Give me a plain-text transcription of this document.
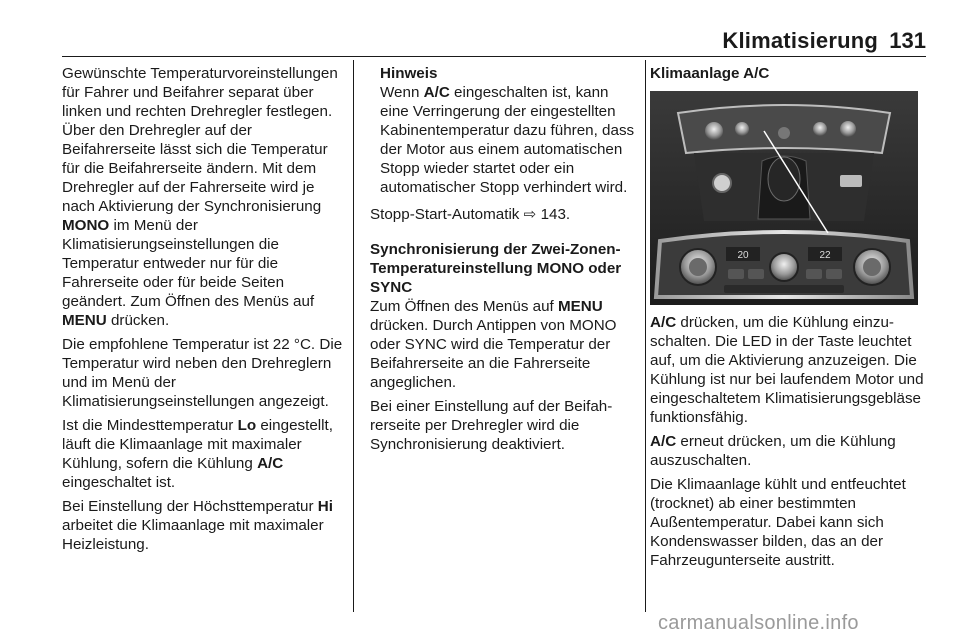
Klimatisierung 131

Gewünschte Temperaturvoreinstellungen für Fahrer und Beifahrer separat über linken und rechten Drehregler festlegen. Über den Drehregler auf der Beifahrerseite lässt sich die Temperatur für die Beifahrerseite ändern. Mit dem Drehregler auf der Fahrerseite wird je nach Aktivierung der Synchronisierung MONO im Menü der Klimatisierungseinstellungen die Temperatur entweder nur für die Fahrerseite oder für beide Seiten geändert. Zum Öffnen des Menüs auf MENU drücken.

Die empfohlene Temperatur ist 22 °C. Die Temperatur wird neben den Drehreglern und im Menü der Klimatisierungseinstellungen angezeigt.

Ist die Mindesttemperatur Lo eingestellt, läuft die Klimaanlage mit maximaler Kühlung, sofern die Kühlung A/C eingeschaltet ist.

Bei Einstellung der Höchsttemperatur Hi arbeitet die Klimaanlage mit maximaler Heizleistung.

Hinweis
Wenn A/C eingeschalten ist, kann eine Verringerung der eingestellten Kabinentemperatur dazu führen, dass der Motor aus einem automatischen Stopp wieder startet oder ein automatischer Stopp verhindert wird.

Stopp-Start-Automatik ⇨ 143.

Synchronisierung der Zwei-Zonen-Temperatureinstellung MONO oder SYNC

Zum Öffnen des Menüs auf MENU drücken. Durch Antippen von MONO oder SYNC wird die Temperatur der Beifahrerseite an die Fahrerseite angeglichen.

Bei einer Einstellung auf der Beifahrerseite per Drehregler wird die Synchronisierung deaktiviert.

Klimaanlage A/C

20	22

A/C drücken, um die Kühlung einzuschalten. Die LED in der Taste leuchtet auf, um die Aktivierung anzuzeigen. Die Kühlung ist nur bei laufendem Motor und eingeschaltetem Klimatisierungsgebläse funktionsfähig.

A/C erneut drücken, um die Kühlung auszuschalten.

Die Klimaanlage kühlt und entfeuchtet (trocknet) ab einer bestimmten Außentemperatur. Dabei kann sich Kondenswasser bilden, das an der Fahrzeugunterseite austritt.

carmanualsonline.info
